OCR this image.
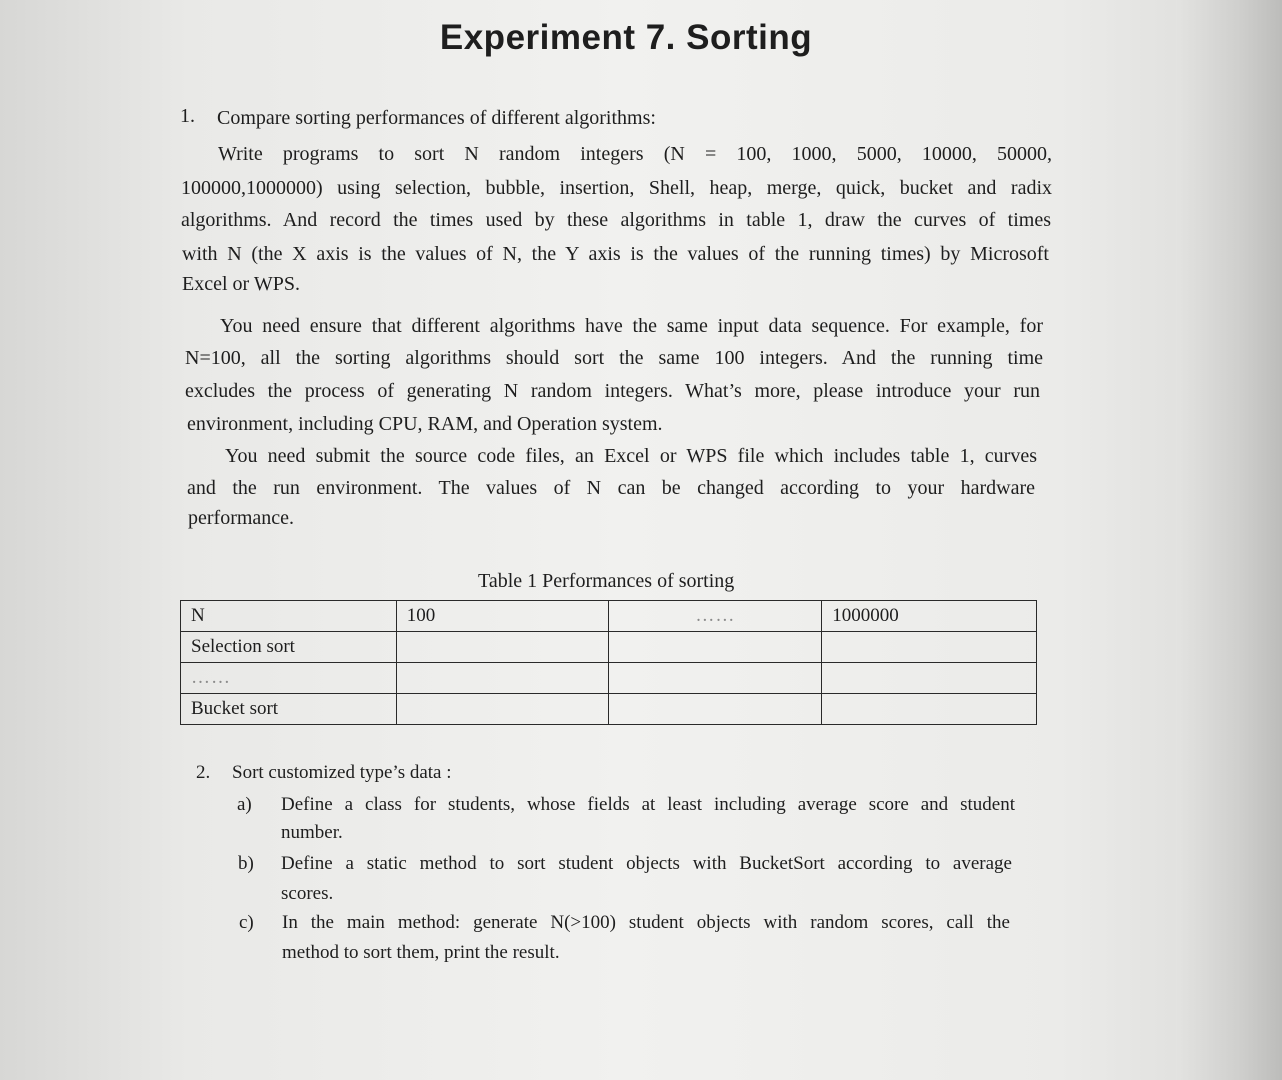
Experiment 7. Sorting
1. Compare sorting performances of different algorithms:
Write programs to sort N random integers (N = 100, 1000, 5000, 10000, 50000,
100000,1000000) using selection, bubble, insertion, Shell, heap, merge, quick, bucket and radix
algorithms. And record the times used by these algorithms in table 1, draw the curves of times
with N (the X axis is the values of N, the Y axis is the values of the running times) by Microsoft
Excel or WPS.
You need ensure that different algorithms have the same input data sequence. For example, for
N=100, all the sorting algorithms should sort the same 100 integers. And the running time
excludes the process of generating N random integers. What’s more, please introduce your run
environment, including CPU, RAM, and Operation system.
You need submit the source code files, an Excel or WPS file which includes table 1, curves
and the run environment. The values of N can be changed according to your hardware
performance.
Table 1 Performances of sorting
N	100	……	1000000
Selection sort			
……			
Bucket sort			
2. Sort customized type’s data :
a) Define a class for students, whose fields at least including average score and student
number.
b) Define a static method to sort student objects with BucketSort according to average
scores.
c) In the main method: generate N(>100) student objects with random scores, call the
method to sort them, print the result.
